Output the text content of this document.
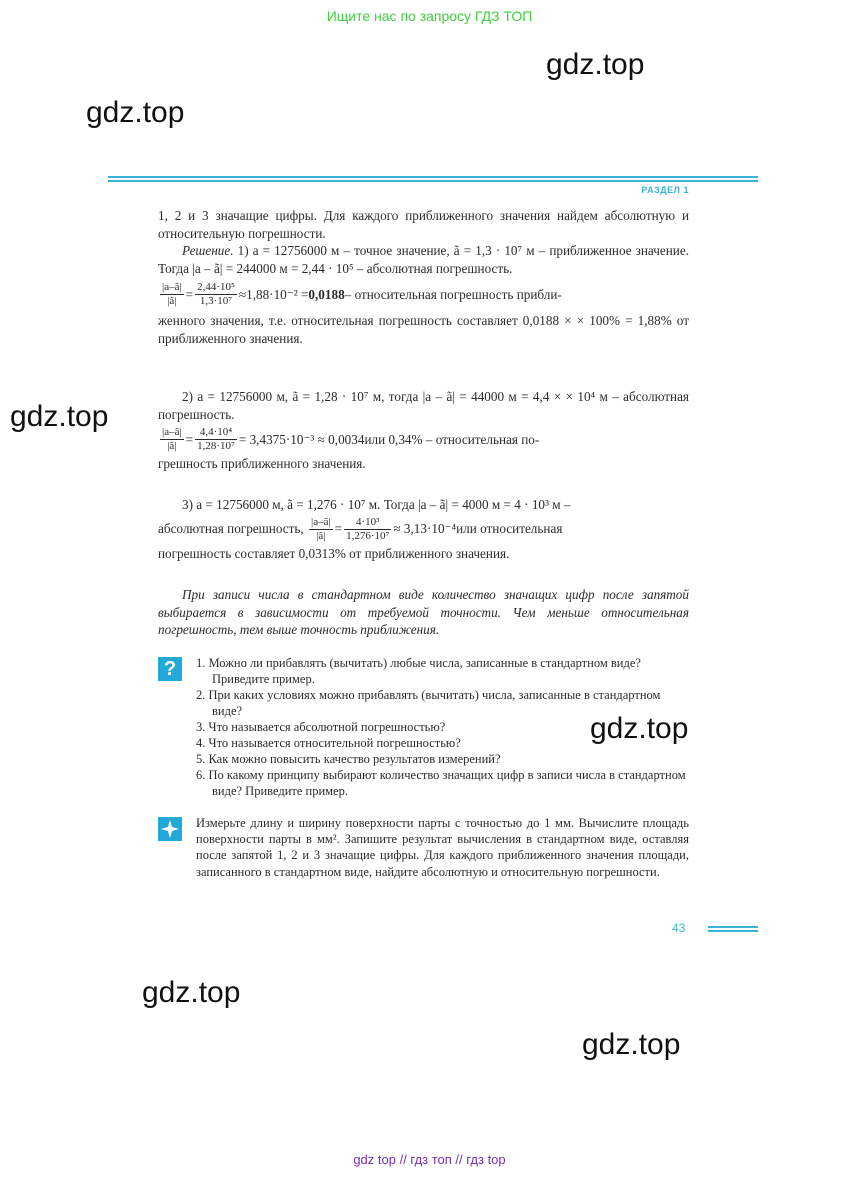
Ищите нас по запросу ГДЗ ТОП
gdz.top
gdz.top
gdz.top
gdz.top
gdz.top
gdz.top
РАЗДЕЛ 1

1, 2 и 3 значащие цифры. Для каждого приближенного значения найдем абсолютную и относительную погрешности.

Решение. 1) a = 12756000 м – точное значение, ã = 1,3 · 10⁷ м – приближенное значение. Тогда |a – ã| = 244000 м = 2,44 · 10⁵ – абсолютная погрешность.

$\frac{|a-ã|}{|ã|} = \frac{\text{2,44·10⁵}}{\text{1,3·10⁷}} \approx 1,88\cdot 10^{-2} = 0,0188$ – относительная погрешность прибли-

женного значения, т.е. относительная погрешность составляет 0,0188 × × 100% = 1,88% от приближенного значения.

2) a = 12756000 м, ã = 1,28 · 10⁷ м, тогда |a – ã| = 44000 м = 4,4 × × 10⁴ м – абсолютная погрешность.

$\frac{|a-ã|}{|ã|} = \frac{\text{4,4·10⁴}}{\text{1,28·10⁷}} = 3,4375\cdot 10^{-3} \approx 0,0034$ или 0,34% – относительная по-

грешность приближенного значения.

3) a = 12756000 м, ã = 1,276 · 10⁷ м. Тогда |a – ã| = 4000 м = 4 · 10³ м –

абсолютная погрешность,
$\frac{|a-ã|}{|ã|} = \frac{\text{4·10³}}{\text{1,276·10⁷}} \approx 3,13\cdot 10^{-4}$ или относительная

погрешность составляет 0,0313% от приближенного значения.

При записи числа в стандартном виде количество значащих цифр после запятой выбирается в зависимости от требуемой точности. Чем меньше относительная погрешность, тем выше точность приближения.

?	1. Можно ли прибавлять (вычитать) любые числа, записанные в стандартном виде? Приведите пример.
2. При каких условиях можно прибавлять (вычитать) числа, записанные в стандартном виде?
3. Что называется абсолютной погрешностью?
4. Что называется относительной погрешностью?
5. Как можно повысить качество результатов измерений?
6. По какому принципу выбирают количество значащих цифр в записи числа в стандартном виде? Приведите пример.
Измерьте длину и ширину поверхности парты с точностью до 1 мм. Вычислите площадь поверхности парты в мм². Запишите результат вычисления в стандартном виде, оставляя после запятой 1, 2 и 3 значащие цифры. Для каждого приближенного значения площади, записанного в стандартном виде, найдите абсолютную и относительную погрешности.
43
gdz top // гдз топ // гдз top
